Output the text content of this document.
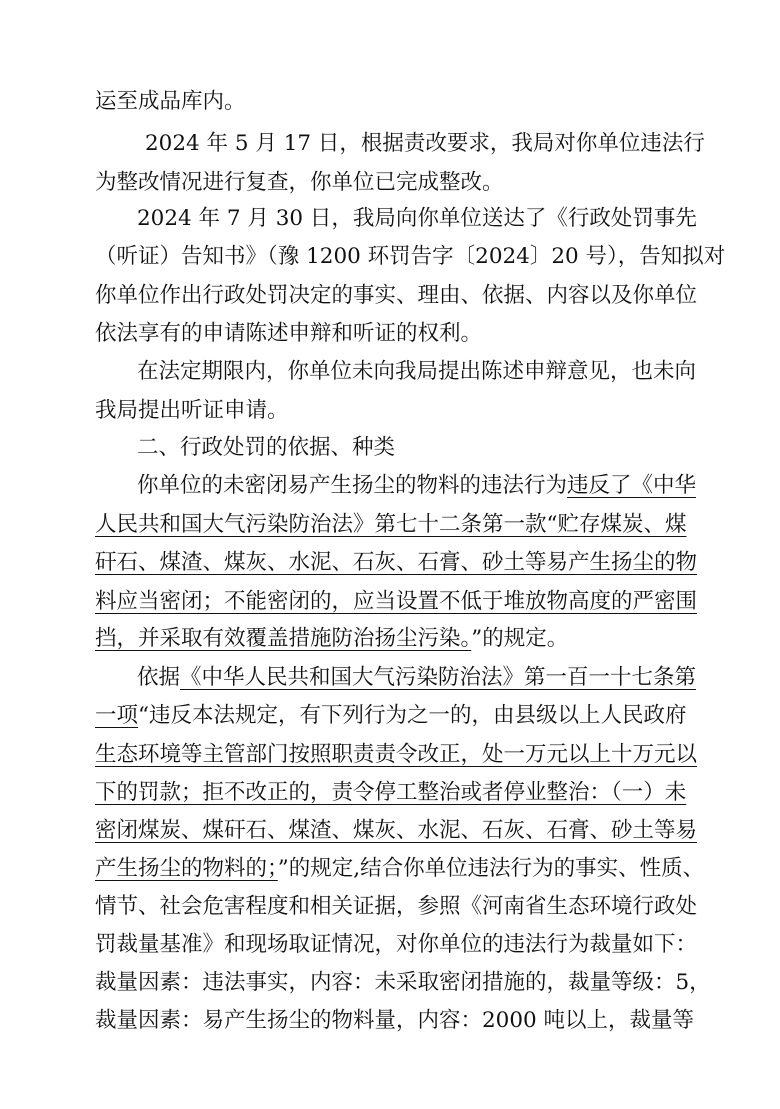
运至成品库内。
2024 年 5 月 17 日，根据责改要求，我局对你单位违法行
为整改情况进行复查，你单位已完成整改。
2024 年 7 月 30 日，我局向你单位送达了《行政处罚事先
（听证）告知书》（豫 1200 环罚告字〔2024〕20 号），告知拟对
你单位作出行政处罚决定的事实、理由、依据、内容以及你单位
依法享有的申请陈述申辩和听证的权利。
在法定期限内，你单位未向我局提出陈述申辩意见，也未向
我局提出听证申请。
二、行政处罚的依据、种类
你单位的未密闭易产生扬尘的物料的违法行为违反了《中华
人民共和国大气污染防治法》第七十二条第一款“贮存煤炭、煤
矸石、煤渣、煤灰、水泥、石灰、石膏、砂土等易产生扬尘的物
料应当密闭；不能密闭的，应当设置不低于堆放物高度的严密围
挡，并采取有效覆盖措施防治扬尘污染。”的规定。
依据《中华人民共和国大气污染防治法》第一百一十七条第
一项“违反本法规定，有下列行为之一的，由县级以上人民政府
生态环境等主管部门按照职责责令改正，处一万元以上十万元以
下的罚款；拒不改正的，责令停工整治或者停业整治：（一）未
密闭煤炭、煤矸石、煤渣、煤灰、水泥、石灰、石膏、砂土等易
产生扬尘的物料的；”的规定,结合你单位违法行为的事实、性质、
情节、社会危害程度和相关证据，参照《河南省生态环境行政处
罚裁量基准》和现场取证情况，对你单位的违法行为裁量如下：
裁量因素：违法事实，内容：未采取密闭措施的，裁量等级：5，
裁量因素：易产生扬尘的物料量，内容：2000 吨以上，裁量等
